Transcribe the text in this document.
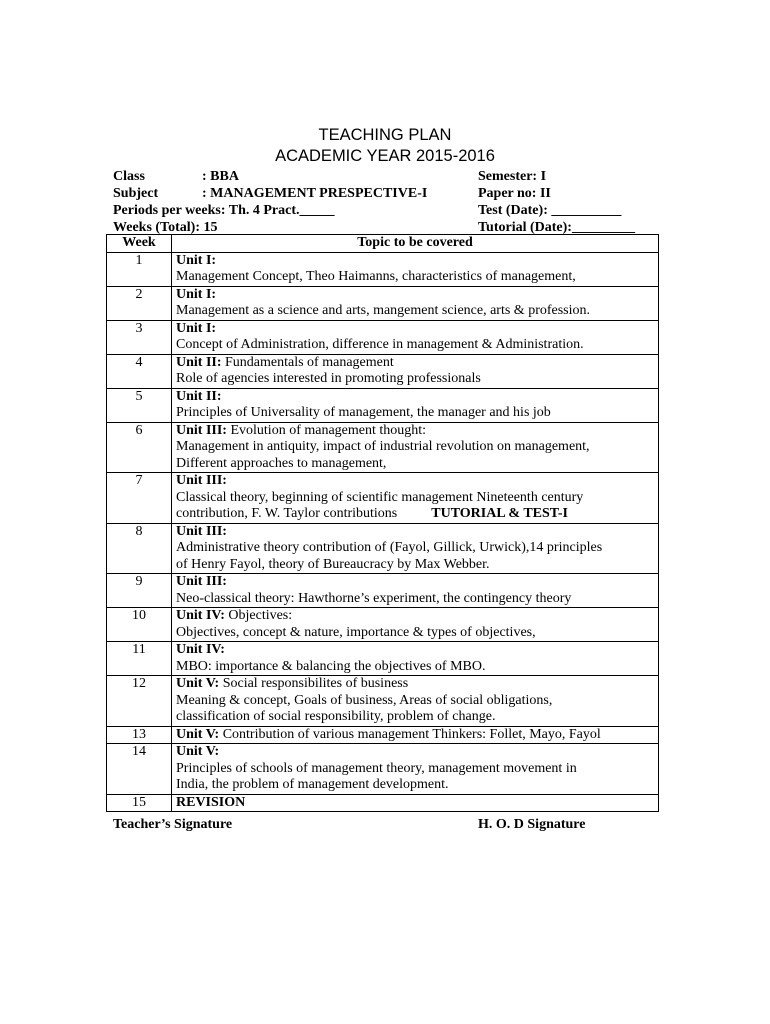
TEACHING PLAN
ACADEMIC YEAR 2015-2016
Class	: BBA	Semester: I
Subject	: MANAGEMENT PRESPECTIVE-I	Paper no: II
Periods per weeks: Th. 4 Pract._____	Test (Date): __________
Weeks (Total): 15	Tutorial (Date):_________
Week	Topic to be covered
1	Unit I:
Management Concept, Theo Haimanns, characteristics of management,

2	Unit I:
Management as a science and arts, mangement science, arts & profession.

3	Unit I:
Concept of Administration, difference in management & Administration.

4	Unit II: Fundamentals of management
Role of agencies interested in promoting professionals

5	Unit II:
Principles of Universality of management, the manager and his job

6	Unit III: Evolution of management thought:
Management in antiquity, impact of industrial revolution on management,
Different approaches to management,

7	Unit III:
Classical theory, beginning of scientific management Nineteenth century
contribution, F. W. Taylor contributions TUTORIAL & TEST-I

8	Unit III:
Administrative theory contribution of (Fayol, Gillick, Urwick),14 principles
of Henry Fayol, theory of Bureaucracy by Max Webber.

9	Unit III:
Neo-classical theory: Hawthorne’s experiment, the contingency theory

10	Unit IV: Objectives:
Objectives, concept & nature, importance & types of objectives,

11	Unit IV:
MBO: importance & balancing the objectives of MBO.

12	Unit V: Social responsibilites of business
Meaning & concept, Goals of business, Areas of social obligations,
classification of social responsibility, problem of change.

13	Unit V: Contribution of various management Thinkers: Follet, Mayo, Fayol

14	Unit V:
Principles of schools of management theory, management movement in
India, the problem of management development.

15	REVISION
Teacher’s Signature	H. O. D Signature
